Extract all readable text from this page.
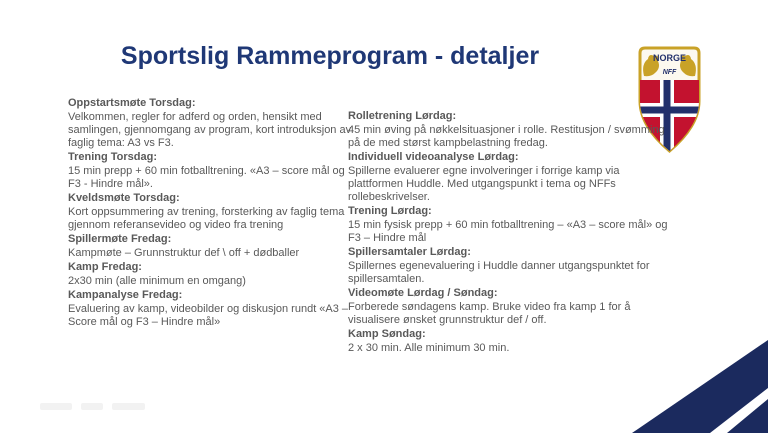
Sportslig Rammeprogram - detaljer	NORGE
NFF
Oppstartsmøte Torsdag:

Velkommen, regler for adferd og orden, hensikt med samlingen, gjennomgang av program, kort introduksjon av faglig tema: A3 vs F3.

Trening Torsdag:

15 min prepp + 60 min fotballtrening. «A3 – score mål og F3 - Hindre mål».

Kveldsmøte Torsdag:

Kort oppsummering av trening, forsterking av faglig tema gjennom referansevideo og video fra trening

Spillermøte Fredag:

Kampmøte – Grunnstruktur def \ off + dødballer

Kamp Fredag:

2x30 min (alle minimum en omgang)

Kampanalyse Fredag:

Evaluering av kamp, videobilder og diskusjon rundt «A3 – Score mål og F3 – Hindre mål»

Rolletrening Lørdag:

45 min øving på nøkkelsituasjoner i rolle. Restitusjon / svømming på de med størst kampbelastning fredag.

Individuell videoanalyse Lørdag:

Spillerne evaluerer egne involveringer i forrige kamp via plattformen Huddle. Med utgangspunkt i tema og NFFs rollebeskrivelser.

Trening Lørdag:

15 min fysisk prepp + 60 min fotballtrening – «A3 – score mål» og F3 – Hindre mål

Spillersamtaler Lørdag:

Spillernes egenevaluering i Huddle danner utgangspunktet for spillersamtalen.

Videomøte Lørdag / Søndag:

Forberede søndagens kamp. Bruke video fra kamp 1 for å visualisere ønsket grunnstruktur def / off.

Kamp Søndag:

2 x 30 min. Alle minimum 30 min.
